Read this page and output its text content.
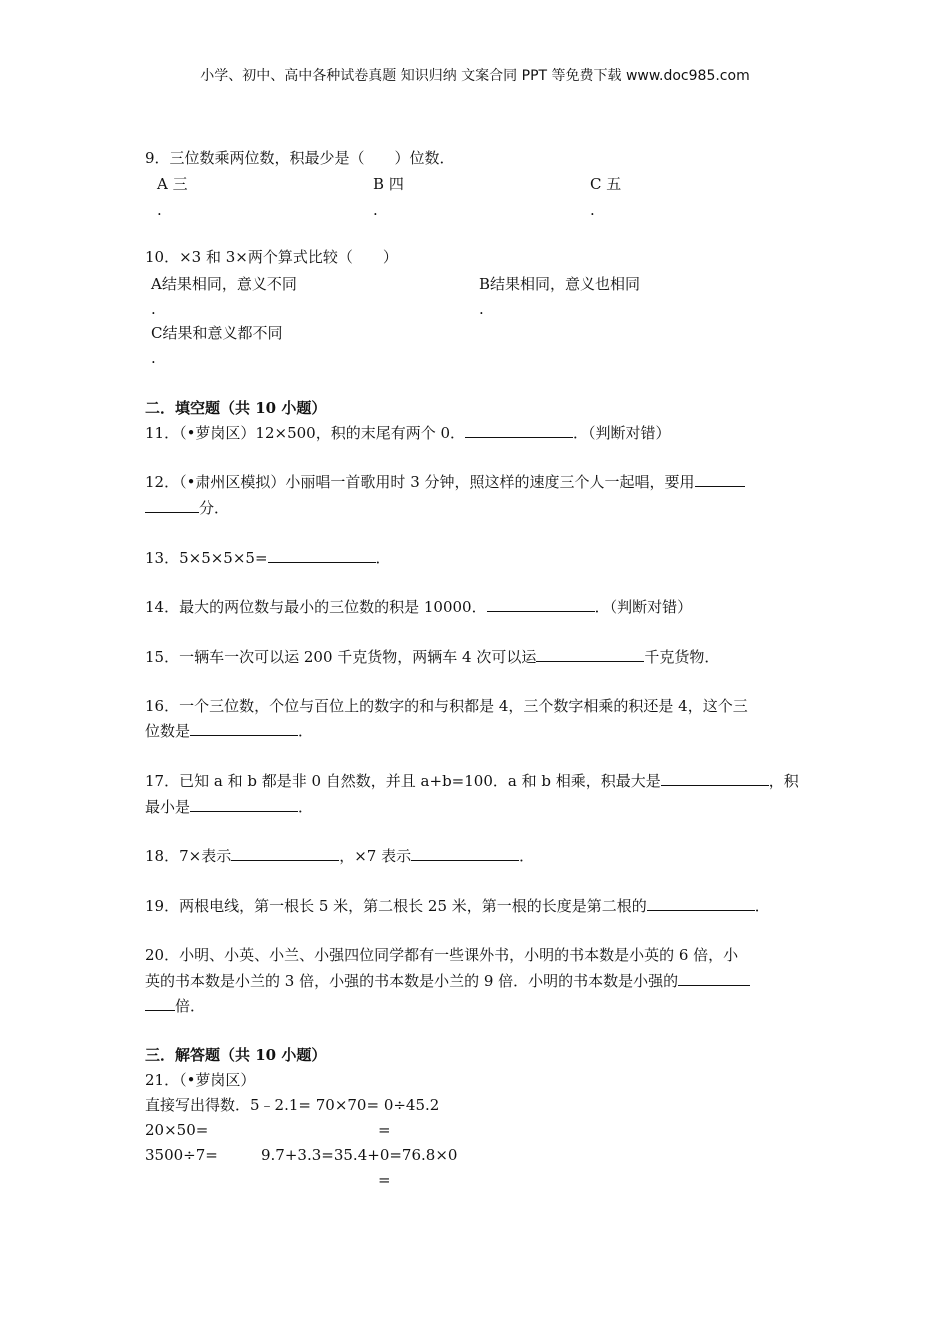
小学、初中、高中各种试卷真题 知识归纳 文案合同 PPT 等免费下载 www.doc985.com
9．三位数乘两位数，积最少是（　　）位数．
A 三
.
B 四
.
C 五
.
10．×3 和 3×两个算式比较（　　）
A结果相同，意义不同
.
B结果相同，意义也相同
.
C结果和意义都不同
.
二．填空题（共 10 小题）
11．（•萝岗区）12×500，积的末尾有两个 0．	．（判断对错）
12．（•肃州区模拟）小丽唱一首歌用时 3 分钟，照这样的速度三个人一起唱，要用
分．
13．5×5×5×5=	．
14．最大的两位数与最小的三位数的积是 10000．	．（判断对错）
15．一辆车一次可以运 200 千克货物，两辆车 4 次可以运	千克货物．
16．一个三位数，个位与百位上的数字的和与积都是 4，三个数字相乘的积还是 4，这个三
位数是	．
17．已知 a 和 b 都是非 0 自然数，并且 a+b=100．a 和 b 相乘，积最大是	，积
最小是	．
18．7×表示	，×7 表示	．
19．两根电线，第一根长 5 米，第二根长 25 米，第一根的长度是第二根的	．
20．小明、小英、小兰、小强四位同学都有一些课外书，小明的书本数是小英的 6 倍，小
英的书本数是小兰的 3 倍，小强的书本数是小兰的 9 倍．小明的书本数是小强的
倍．
三．解答题（共 10 小题）
21．（•萝岗区）
直接写出得数．5﹣2.1= 70×70= 0÷45.2
20×50=	=
3500÷7=	9.7+3.3=35.4+0=76.8×0
=
